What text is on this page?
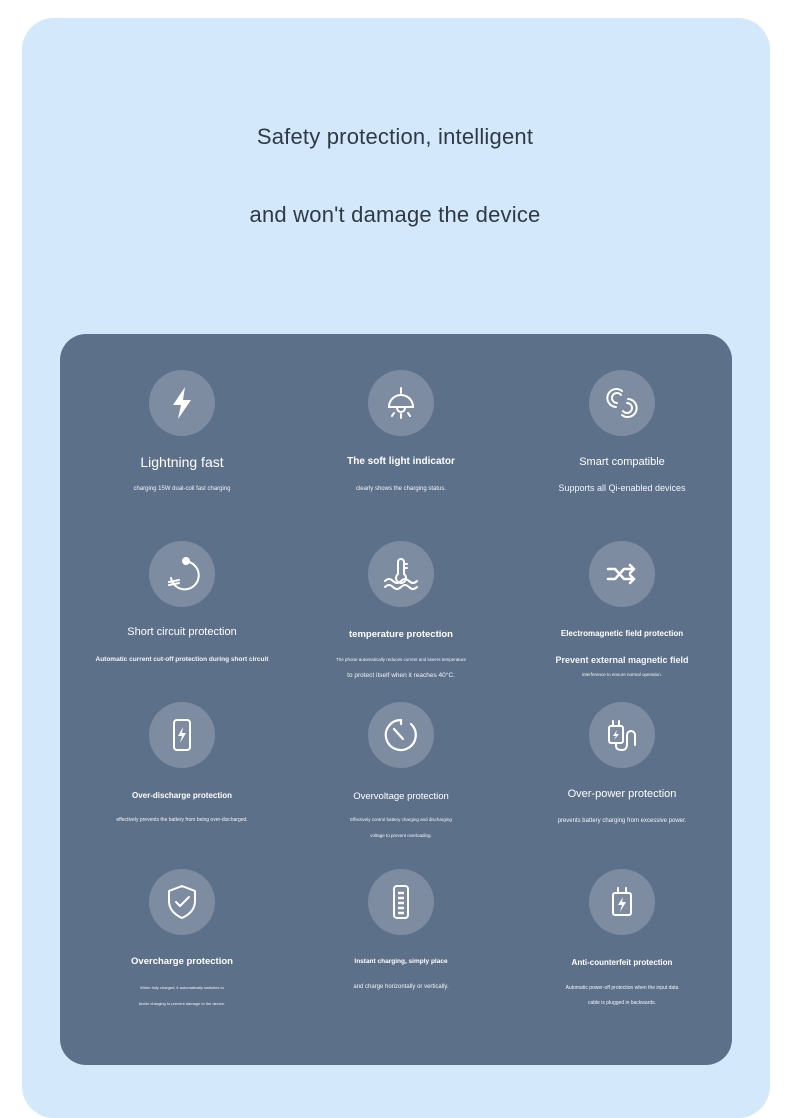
Safety protection, intelligent
and won't damage the device
Lightning fast
charging 15W dual-coil fast charging
The soft light indicator
clearly shows the charging status.
Smart compatible
Supports all Qi-enabled devices
Short circuit protection
Automatic current cut-off protection during short circuit
temperature protection
The phone automatically reduces current and lowers temperature
to protect itself when it reaches 40°C.
Electromagnetic field protection
Prevent external magnetic field
interference to ensure normal operation.
Over-discharge protection
effectively prevents the battery from being over-discharged.
Overvoltage protection
Effectively control battery charging and discharging
voltage to prevent overloading.
Over-power protection
prevents battery charging from excessive power.
Overcharge protection
When fully charged, it automatically switches to
trickle charging to prevent damage to the device.
Instant charging, simply place
and charge horizontally or vertically.
Anti-counterfeit protection
Automatic power-off protection when the input data
cable is plugged in backwards.
